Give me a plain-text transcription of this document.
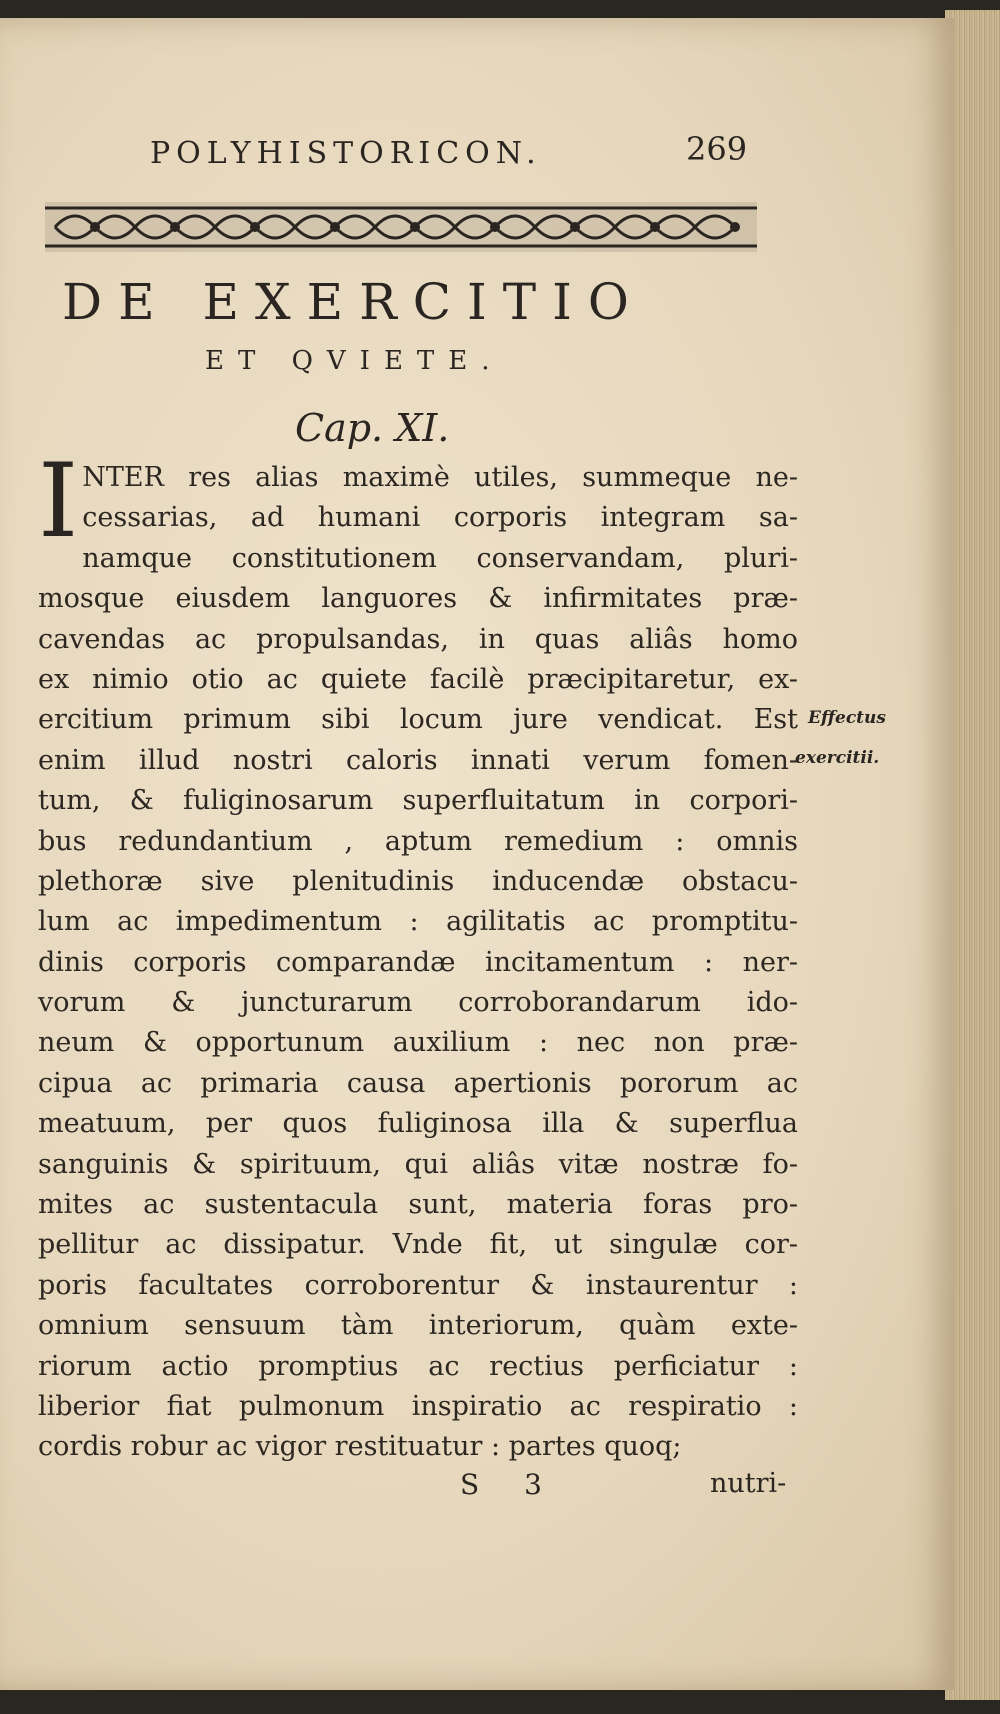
POLYHISTORICON.	269
DE EXERCITIO
ET QVIETE.
Cap. XI.
I NTER res alias maximè utiles, summeque ne-
cessarias, ad humani corporis integram sa-
namque constitutionem conservandam, pluri-
mosque eiusdem languores & infirmitates præ-
cavendas ac propulsandas, in quas aliâs homo
ex nimio otio ac quiete facilè præcipitaretur, ex-
ercitium primum sibi locum jure vendicat. Est
enim illud nostri caloris innati verum fomen-
tum, & fuliginosarum superfluitatum in corpori-
bus redundantium , aptum remedium : omnis
plethoræ sive plenitudinis inducendæ obstacu-
lum ac impedimentum : agilitatis ac promptitu-
dinis corporis comparandæ incitamentum : ner-
vorum & juncturarum corroborandarum ido-
neum & opportunum auxilium : nec non præ-
cipua ac primaria causa apertionis pororum ac
meatuum, per quos fuliginosa illa & superflua
sanguinis & spirituum, qui aliâs vitæ nostræ fo-
mites ac sustentacula sunt, materia foras pro-
pellitur ac dissipatur. Vnde fit, ut singulæ cor-
poris facultates corroborentur & instaurentur :
omnium sensuum tàm interiorum, quàm exte-
riorum actio promptius ac rectius perficiatur :
liberior fiat pulmonum inspiratio ac respiratio :
cordis robur ac vigor restituatur : partes quoq;
Effectus
exercitii.
S 3	nutri-
